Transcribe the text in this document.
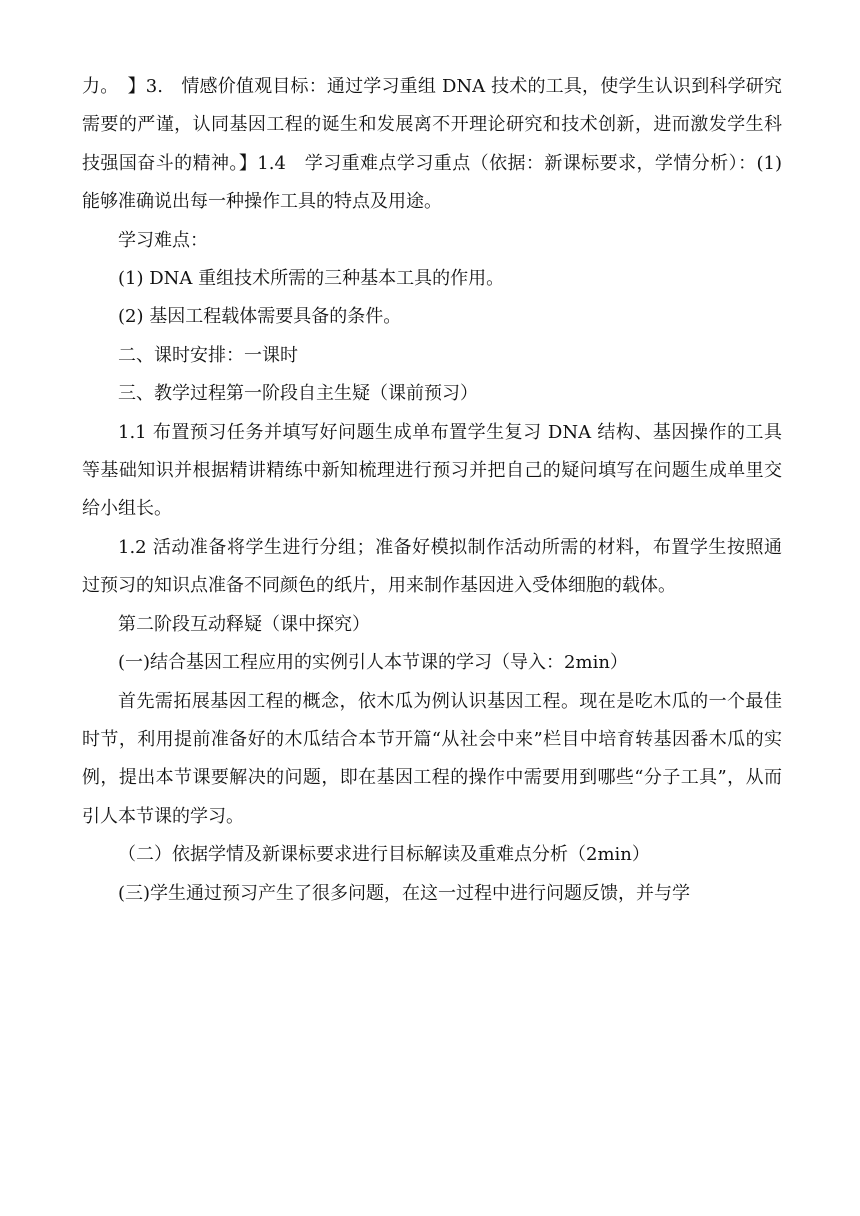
力。　】3.　情感价值观目标：通过学习重组 DNA 技术的工具，使学生认识到科学研究需要的严谨，认同基因工程的诞生和发展离不开理论研究和技术创新，进而激发学生科技强国奋斗的精神。】1.4　学习重难点学习重点（依据：新课标要求，学情分析）：(1) 能够准确说出每一种操作工具的特点及用途。

学习难点：

(1) DNA 重组技术所需的三种基本工具的作用。

(2) 基因工程载体需要具备的条件。

二、课时安排：一课时

三、教学过程第一阶段自主生疑（课前预习）

1.1 布置预习任务并填写好问题生成单布置学生复习 DNA 结构、基因操作的工具等基础知识并根据精讲精练中新知梳理进行预习并把自己的疑问填写在问题生成单里交给小组长。

1.2 活动准备将学生进行分组；准备好模拟制作活动所需的材料，布置学生按照通过预习的知识点准备不同颜色的纸片，用来制作基因进入受体细胞的载体。

第二阶段互动释疑（课中探究）

(一)结合基因工程应用的实例引人本节课的学习（导入：2min）

首先需拓展基因工程的概念，依木瓜为例认识基因工程。现在是吃木瓜的一个最佳时节，利用提前准备好的木瓜结合本节开篇“从社会中来”栏目中培育转基因番木瓜的实例，提出本节课要解决的问题，即在基因工程的操作中需要用到哪些“分子工具”，从而引人本节课的学习。

（二）依据学情及新课标要求进行目标解读及重难点分析（2min）

(三)学生通过预习产生了很多问题，在这一过程中进行问题反馈，并与学
